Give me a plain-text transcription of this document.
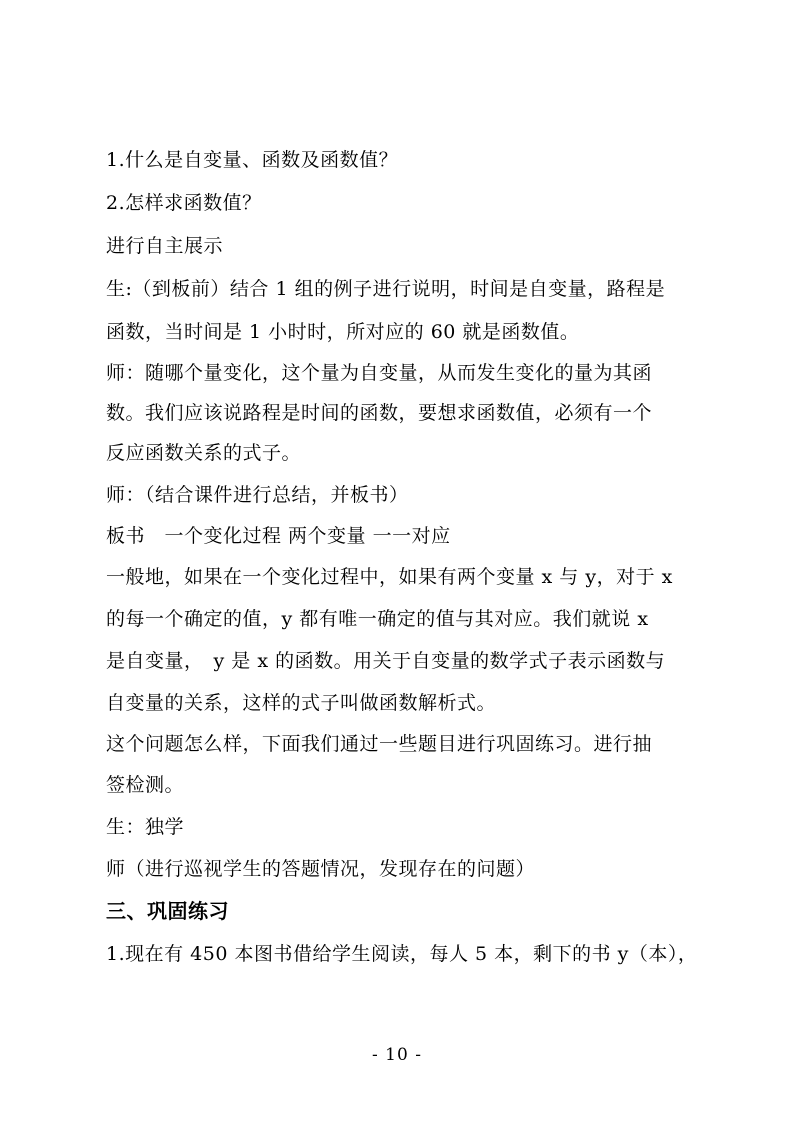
1.什么是自变量、函数及函数值？
2.怎样求函数值？
进行自主展示
生:（到板前）结合 1 组的例子进行说明，时间是自变量，路程是
函数，当时间是 1 小时时，所对应的 60 就是函数值。
师：随哪个量变化，这个量为自变量，从而发生变化的量为其函
数。我们应该说路程是时间的函数，要想求函数值，必须有一个
反应函数关系的式子。
师：（结合课件进行总结，并板书）
板书　一个变化过程 两个变量 一一对应
一般地，如果在一个变化过程中，如果有两个变量 x 与 y，对于 x
的每一个确定的值，y 都有唯一确定的值与其对应。我们就说 x
是自变量，　y 是 x 的函数。用关于自变量的数学式子表示函数与
自变量的关系，这样的式子叫做函数解析式。
这个问题怎么样，下面我们通过一些题目进行巩固练习。进行抽
签检测。
生：独学
师（进行巡视学生的答题情况，发现存在的问题）
三、巩固练习
1.现在有 450 本图书借给学生阅读，每人 5 本，剩下的书 y（本），
- 10 -
